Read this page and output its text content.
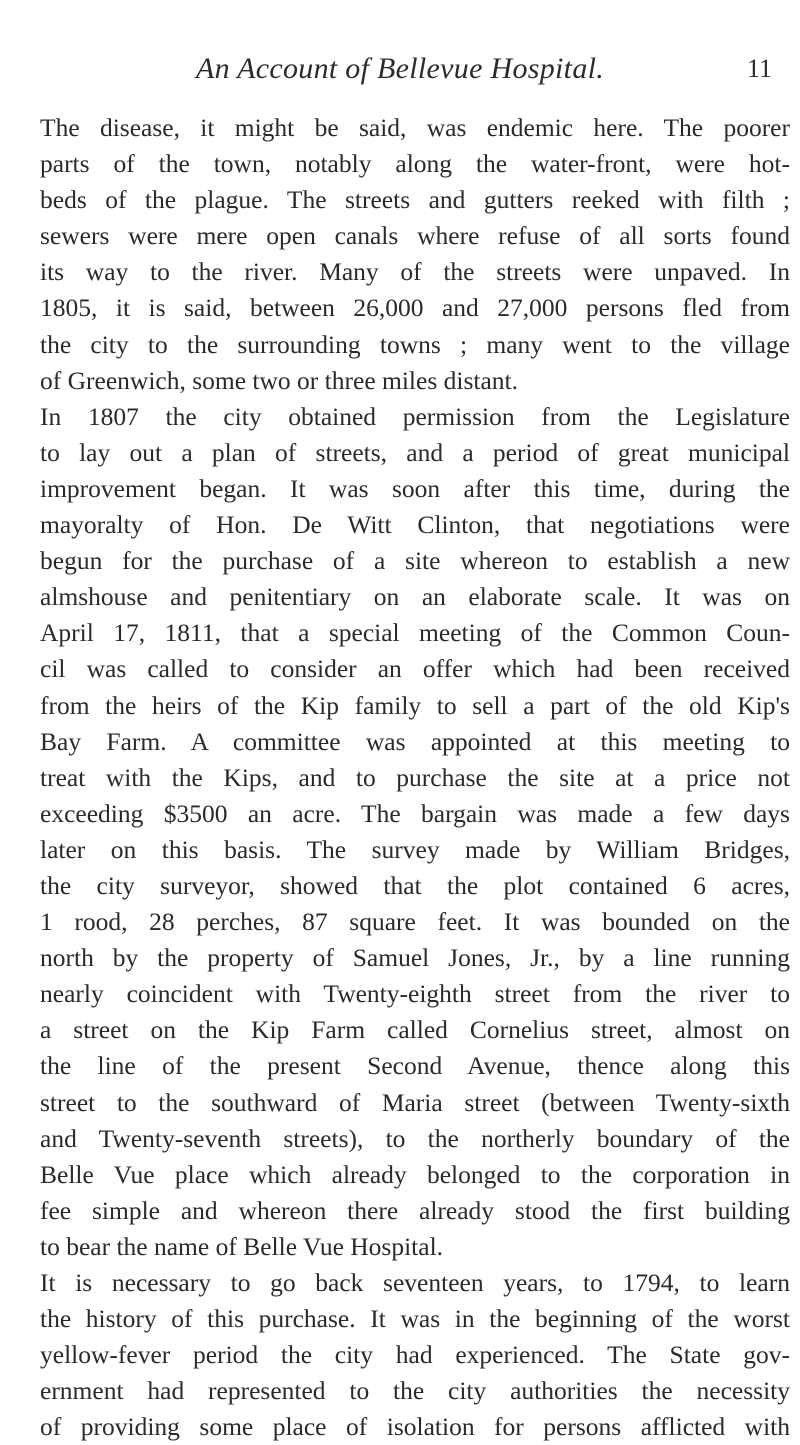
An Account of Bellevue Hospital.	11
The disease, it might be said, was endemic here. The poorer
parts of the town, notably along the water-front, were hot-
beds of the plague. The streets and gutters reeked with filth ;
sewers were mere open canals where refuse of all sorts found
its way to the river. Many of the streets were unpaved. In
1805, it is said, between 26,000 and 27,000 persons fled from
the city to the surrounding towns ; many went to the village
of Greenwich, some two or three miles distant.
In 1807 the city obtained permission from the Legislature
to lay out a plan of streets, and a period of great municipal
improvement began. It was soon after this time, during the
mayoralty of Hon. De Witt Clinton, that negotiations were
begun for the purchase of a site whereon to establish a new
almshouse and penitentiary on an elaborate scale. It was on
April 17, 1811, that a special meeting of the Common Coun-
cil was called to consider an offer which had been received
from the heirs of the Kip family to sell a part of the old Kip's
Bay Farm. A committee was appointed at this meeting to
treat with the Kips, and to purchase the site at a price not
exceeding $3500 an acre. The bargain was made a few days
later on this basis. The survey made by William Bridges,
the city surveyor, showed that the plot contained 6 acres,
1 rood, 28 perches, 87 square feet. It was bounded on the
north by the property of Samuel Jones, Jr., by a line running
nearly coincident with Twenty-eighth street from the river to
a street on the Kip Farm called Cornelius street, almost on
the line of the present Second Avenue, thence along this
street to the southward of Maria street (between Twenty-sixth
and Twenty-seventh streets), to the northerly boundary of the
Belle Vue place which already belonged to the corporation in
fee simple and whereon there already stood the first building
to bear the name of Belle Vue Hospital.
It is necessary to go back seventeen years, to 1794, to learn
the history of this purchase. It was in the beginning of the worst
yellow-fever period the city had experienced. The State gov-
ernment had represented to the city authorities the necessity
of providing some place of isolation for persons afflicted with
